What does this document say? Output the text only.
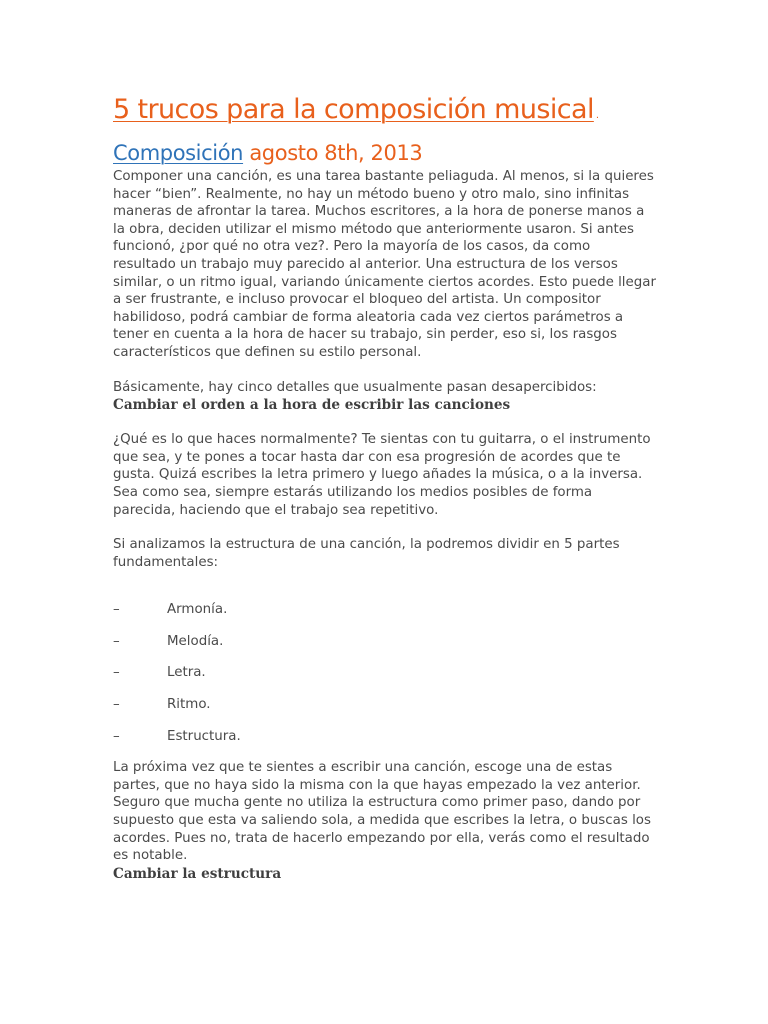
5 trucos para la composición musical .
Composición agosto 8th, 2013

Componer una canción, es una tarea bastante peliaguda. Al menos, si la quieres hacer “bien”. Realmente, no hay un método bueno y otro malo, sino infinitas maneras de afrontar la tarea. Muchos escritores, a la hora de ponerse manos a la obra, deciden utilizar el mismo método que anteriormente usaron. Si antes funcionó, ¿por qué no otra vez?. Pero la mayoría de los casos, da como resultado un trabajo muy parecido al anterior. Una estructura de los versos similar, o un ritmo igual, variando únicamente ciertos acordes. Esto puede llegar a ser frustrante, e incluso provocar el bloqueo del artista. Un compositor habilidoso, podrá cambiar de forma aleatoria cada vez ciertos parámetros a tener en cuenta a la hora de hacer su trabajo, sin perder, eso si, los rasgos característicos que definen su estilo personal.

Básicamente, hay cinco detalles que usualmente pasan desapercibidos:

Cambiar el orden a la hora de escribir las canciones

¿Qué es lo que haces normalmente? Te sientas con tu guitarra, o el instrumento que sea, y te pones a tocar hasta dar con esa progresión de acordes que te gusta. Quizá escribes la letra primero y luego añades la música, o a la inversa. Sea como sea, siempre estarás utilizando los medios posibles de forma parecida, haciendo que el trabajo sea repetitivo.

Si analizamos la estructura de una canción, la podremos dividir en 5 partes fundamentales:

–	Armonía.
–	Melodía.
–	Letra.
–	Ritmo.
–	Estructura.

La próxima vez que te sientes a escribir una canción, escoge una de estas partes, que no haya sido la misma con la que hayas empezado la vez anterior. Seguro que mucha gente no utiliza la estructura como primer paso, dando por supuesto que esta va saliendo sola, a medida que escribes la letra, o buscas los acordes. Pues no, trata de hacerlo empezando por ella, verás como el resultado es notable.

Cambiar la estructura
